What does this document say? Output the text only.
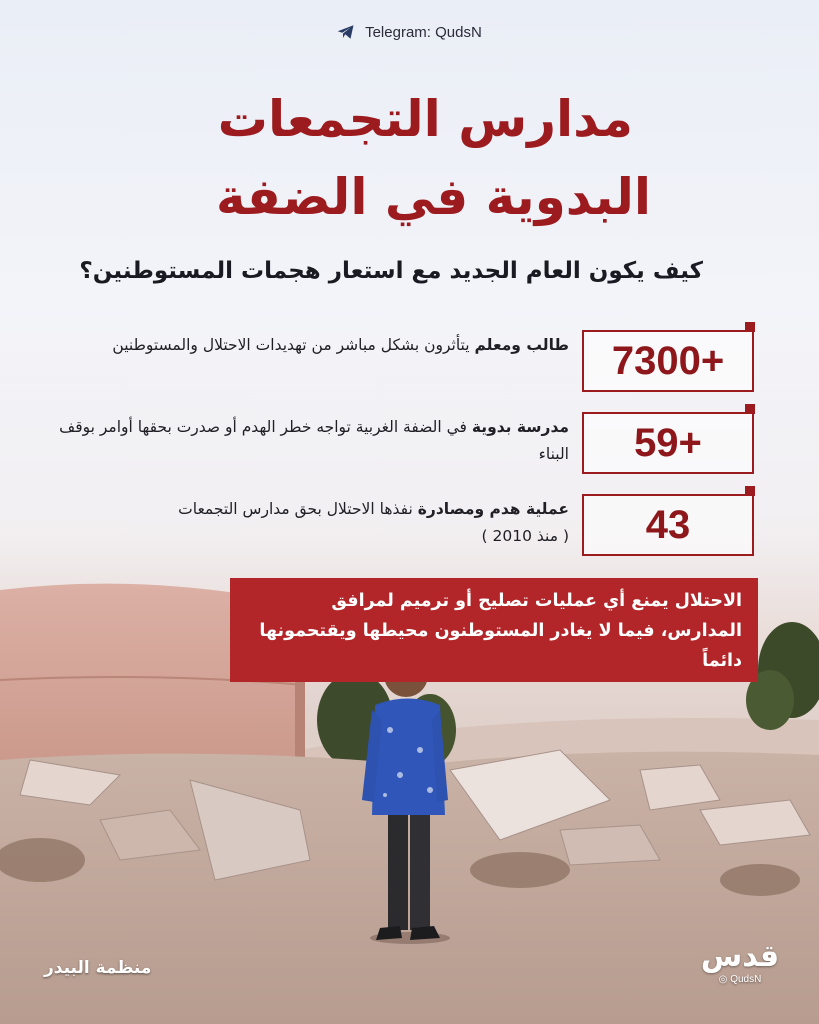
Telegram: QudsN
مدارس التجمعات
البدوية في الضفة
كيف يكون العام الجديد مع استعار هجمات المستوطنين؟
7300+
طالب ومعلم يتأثرون بشكل مباشر من تهديدات الاحتلال والمستوطنين
59+
مدرسة بدوية في الضفة الغربية تواجه خطر الهدم أو صدرت بحقها أوامر بوقف البناء
43
عملية هدم ومصادرة نفذها الاحتلال بحق مدارس التجمعات
( منذ 2010 )
الاحتلال يمنع أي عمليات تصليح أو ترميم لمرافق المدارس، فيما لا يغادر المستوطنون محيطها ويقتحمونها دائماً
منظمة البيدر	قدس
◎ QudsN
